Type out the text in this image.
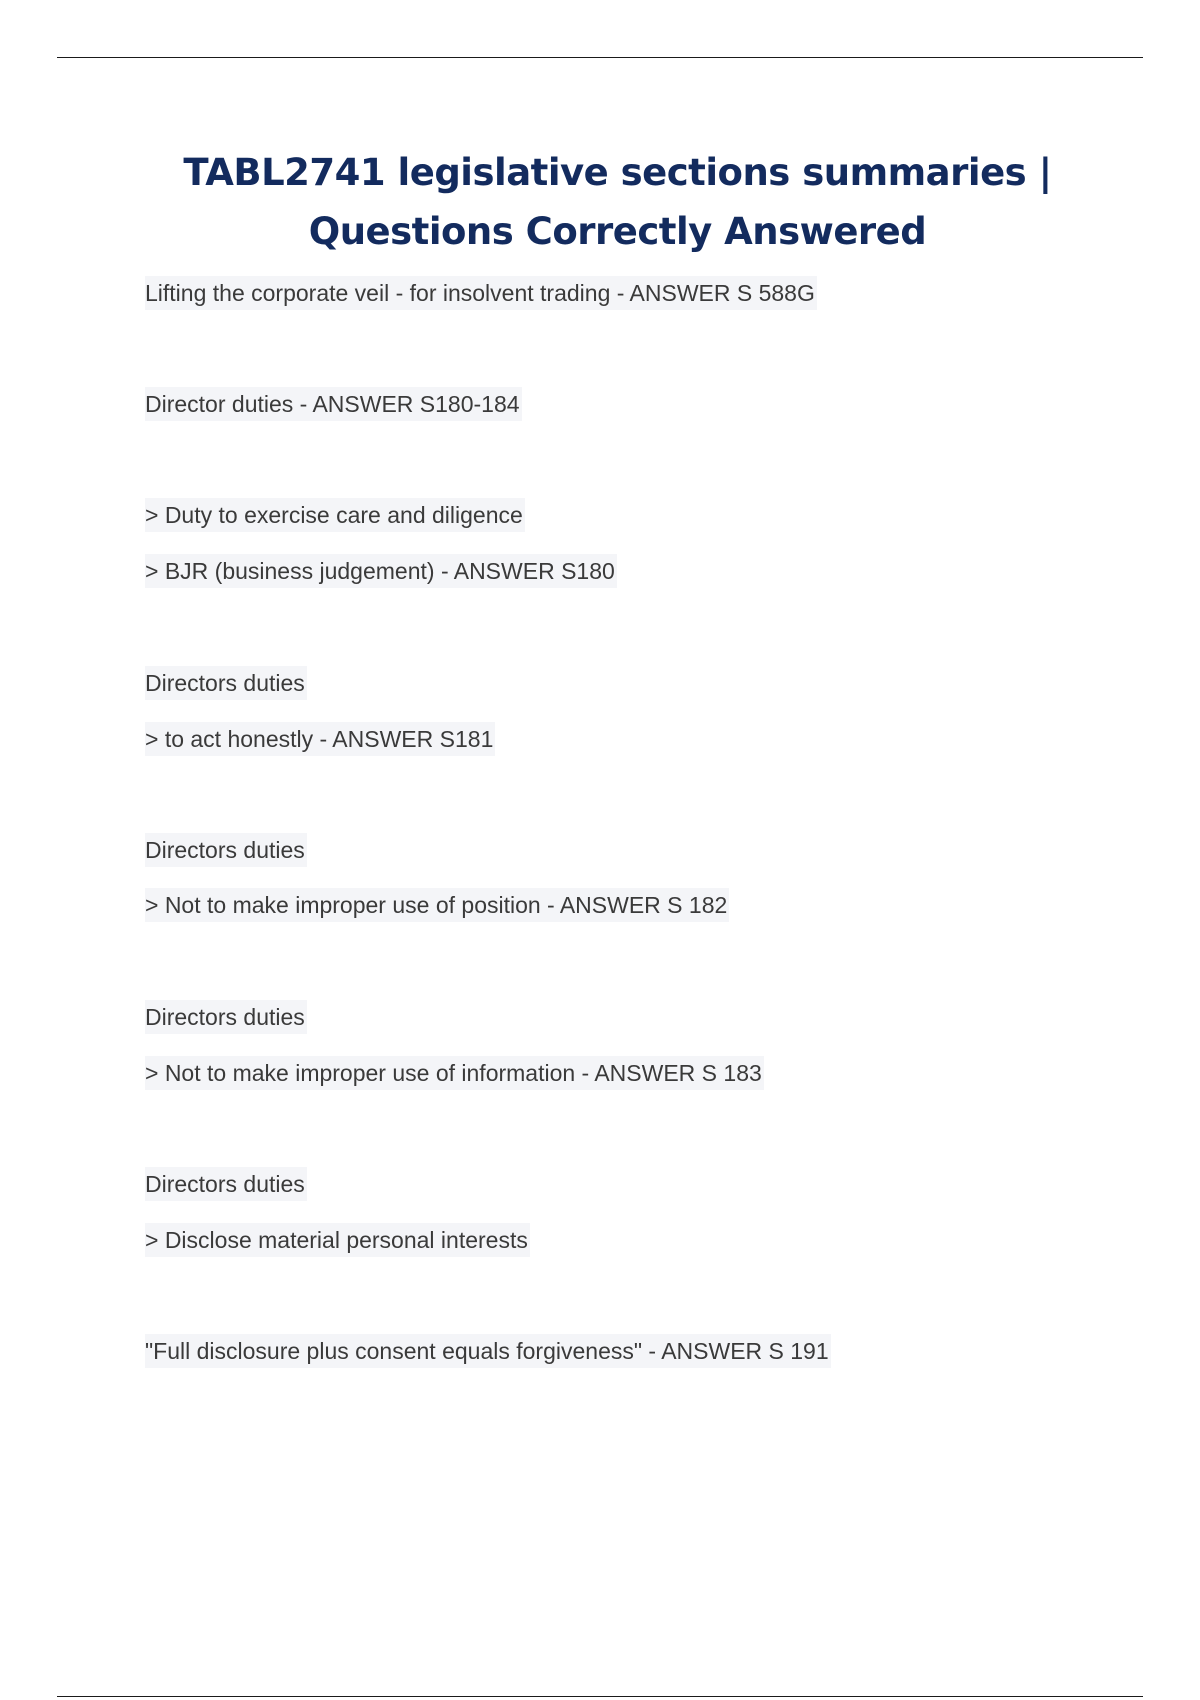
TABL2741 legislative sections summaries |
Questions Correctly Answered

Lifting the corporate veil - for insolvent trading - ANSWER S 588G

Director duties - ANSWER S180-184

> Duty to exercise care and diligence

> BJR (business judgement) - ANSWER S180

Directors duties

> to act honestly - ANSWER S181

Directors duties

> Not to make improper use of position - ANSWER S 182

Directors duties

> Not to make improper use of information - ANSWER S 183

Directors duties

> Disclose material personal interests

"Full disclosure plus consent equals forgiveness" - ANSWER S 191
